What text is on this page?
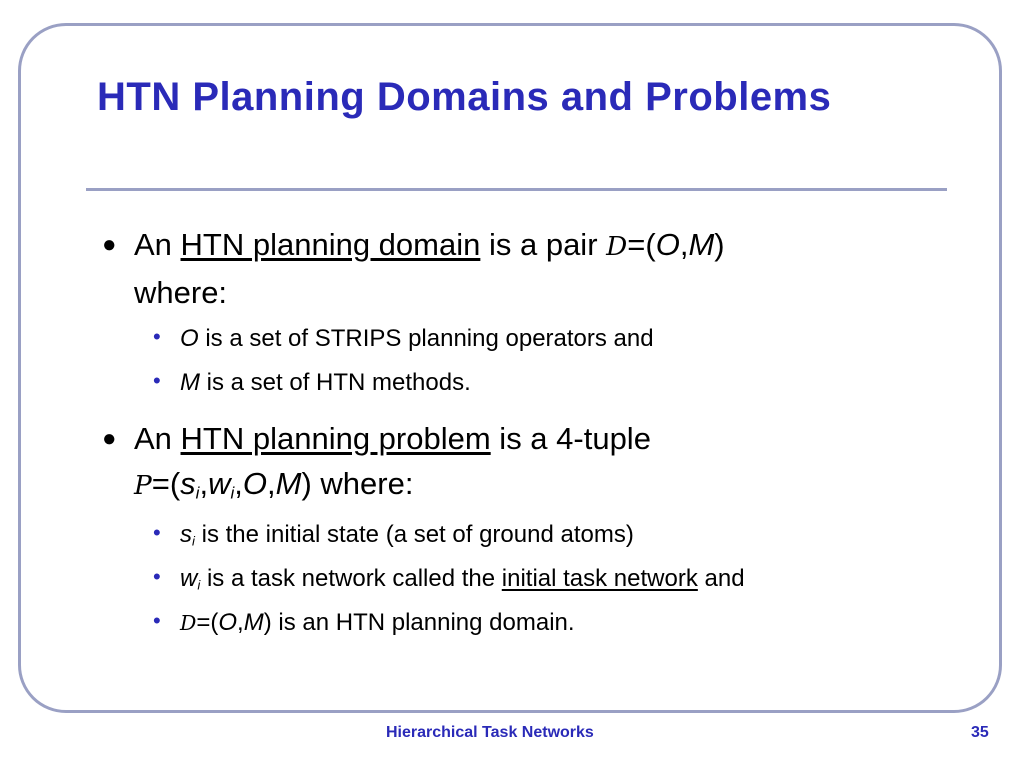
HTN Planning Domains and Problems
● An HTN planning domain is a pair D=(O,M)
where:
• O is a set of STRIPS planning operators and
• M is a set of HTN methods.
● An HTN planning problem is a 4-tuple
$P=(s_i,w_i,O,M)$ where:
• $s_i$ is the initial state (a set of ground atoms)
• $w_i$ is a task network called the initial task network and
• D=(O,M) is an HTN planning domain.
Hierarchical Task Networks	35
